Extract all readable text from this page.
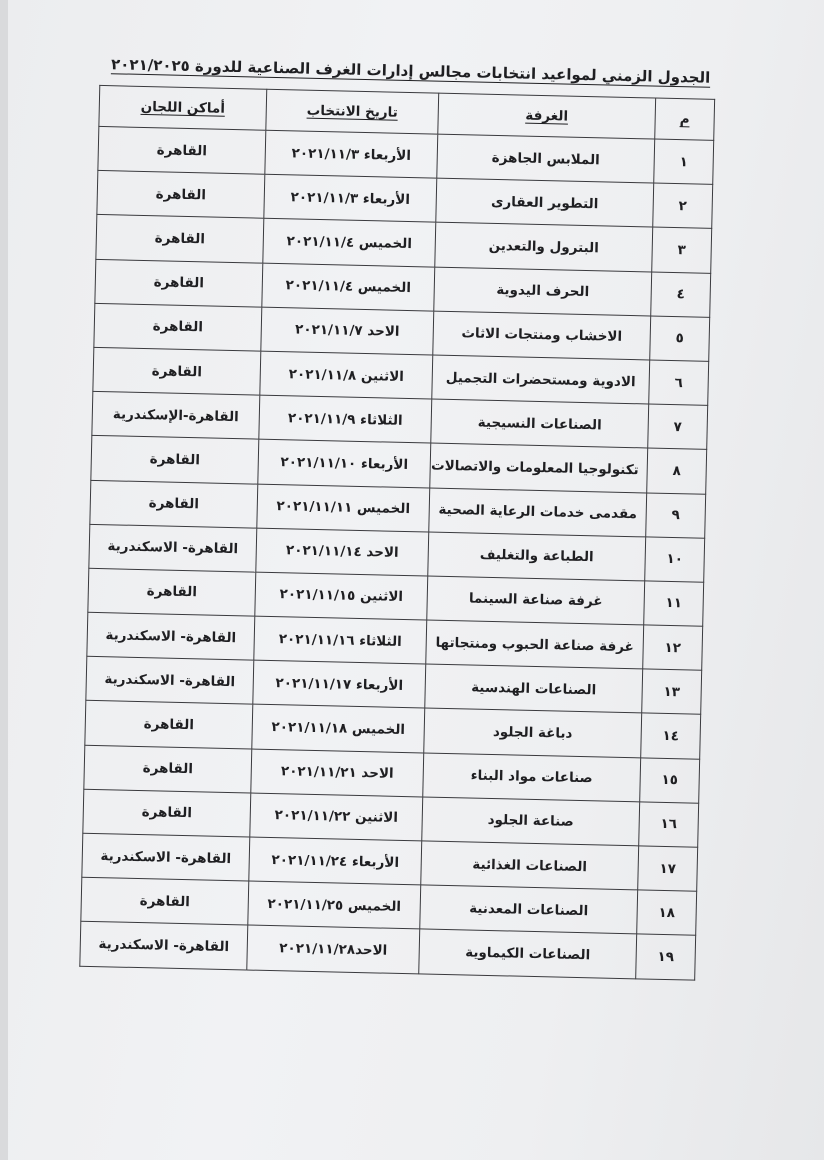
الجدول الزمني لمواعيد انتخابات مجالس إدارات الغرف الصناعية للدورة ٢٠٢١/٢٠٢٥
م	الغرفة	تاريخ الانتخاب	أماكن اللجان
١	الملابس الجاهزة	الأربعاء ٢٠٢١/١١/٣	القاهرة
٢	التطوير العقارى	الأربعاء ٢٠٢١/١١/٣	القاهرة
٣	البترول والتعدين	الخميس ٢٠٢١/١١/٤	القاهرة
٤	الحرف اليدوية	الخميس ٢٠٢١/١١/٤	القاهرة
٥	الاخشاب ومنتجات الاثاث	الاحد ٢٠٢١/١١/٧	القاهرة
٦	الادوية ومستحضرات التجميل	الاثنين ٢٠٢١/١١/٨	القاهرة
٧	الصناعات النسيجية	الثلاثاء ٢٠٢١/١١/٩	القاهرة-الإسكندرية
٨	تكنولوجيا المعلومات والاتصالات	الأربعاء ٢٠٢١/١١/١٠	القاهرة
٩	مقدمى خدمات الرعاية الصحية	الخميس ٢٠٢١/١١/١١	القاهرة
١٠	الطباعة والتغليف	الاحد ٢٠٢١/١١/١٤	القاهرة- الاسكندرية
١١	غرفة صناعة السينما	الاثنين ٢٠٢١/١١/١٥	القاهرة
١٢	غرفة صناعة الحبوب ومنتجاتها	الثلاثاء ٢٠٢١/١١/١٦	القاهرة- الاسكندرية
١٣	الصناعات الهندسية	الأربعاء ٢٠٢١/١١/١٧	القاهرة- الاسكندرية
١٤	دباغة الجلود	الخميس ٢٠٢١/١١/١٨	القاهرة
١٥	صناعات مواد البناء	الاحد ٢٠٢١/١١/٢١	القاهرة
١٦	صناعة الجلود	الاثنين ٢٠٢١/١١/٢٢	القاهرة
١٧	الصناعات الغذائية	الأربعاء ٢٠٢١/١١/٢٤	القاهرة- الاسكندرية
١٨	الصناعات المعدنية	الخميس ٢٠٢١/١١/٢٥	القاهرة
١٩	الصناعات الكيماوية	الاحد٢٠٢١/١١/٢٨	القاهرة- الاسكندرية
